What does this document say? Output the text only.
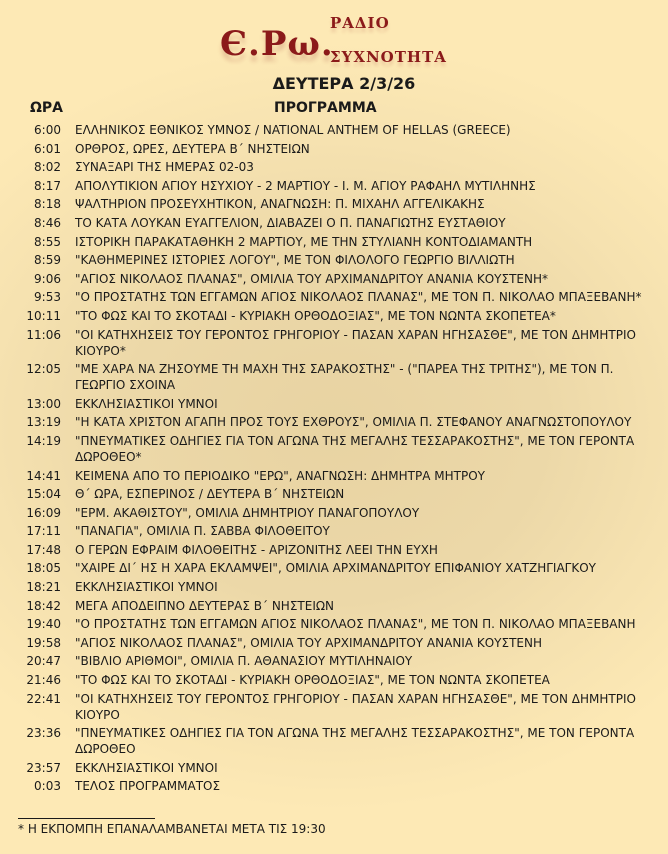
Є.Ρω.
ΡΑΔΙΟ
ΣΥΧΝΟΤΗΤΑ
ΔΕΥΤΕΡΑ 2/3/26
ΩΡΑ	ΠΡΟΓΡΑΜΜΑ
6:00 ΕΛΛΗΝΙΚΟΣ ΕΘΝΙΚΟΣ ΥΜΝΟΣ / NATIONAL ANTHEM OF HELLAS (GREECE)
6:01 ΟΡΘΡΟΣ, ΩΡΕΣ, ΔΕΥΤΕΡΑ Β΄ ΝΗΣΤΕΙΩΝ
8:02 ΣΥΝΑΞΑΡΙ ΤΗΣ ΗΜΕΡΑΣ 02-03
8:17 ΑΠΟΛΥΤΙΚΙΟΝ ΑΓΙΟΥ ΗΣΥΧΙΟΥ - 2 ΜΑΡΤΙΟΥ - Ι. Μ. ΑΓΙΟΥ ΡΑΦΑΗΛ ΜΥΤΙΛΗΝΗΣ
8:18 ΨΑΛΤΗΡΙΟΝ ΠΡΟΣΕΥΧΗΤΙΚΟΝ, ΑΝΑΓΝΩΣΗ: Π. ΜΙΧΑΗΛ ΑΓΓΕΛΙΚΑΚΗΣ
8:46 ΤΟ ΚΑΤΑ ΛΟΥΚΑΝ ΕΥΑΓΓΕΛΙΟΝ, ΔΙΑΒΑΖΕΙ Ο Π. ΠΑΝΑΓΙΩΤΗΣ ΕΥΣΤΑΘΙΟΥ
8:55 ΙΣΤΟΡΙΚΗ ΠΑΡΑΚΑΤΑΘΗΚΗ 2 ΜΑΡΤΙΟΥ, ΜΕ ΤΗΝ ΣΤΥΛΙΑΝΗ ΚΟΝΤΟΔΙΑΜΑΝΤΗ
8:59 "ΚΑΘΗΜΕΡΙΝΕΣ ΙΣΤΟΡΙΕΣ ΛΟΓΟΥ", ΜΕ ΤΟΝ ΦΙΛΟΛΟΓΟ ΓΕΩΡΓΙΟ ΒΙΛΛΙΩΤΗ
9:06 "ΑΓΙΟΣ ΝΙΚΟΛΑΟΣ ΠΛΑΝΑΣ", ΟΜΙΛΙΑ ΤΟΥ ΑΡΧΙΜΑΝΔΡΙΤΟΥ ΑΝΑΝΙΑ ΚΟΥΣΤΕΝΗ*
9:53 "Ο ΠΡΟΣΤΑΤΗΣ ΤΩΝ ΕΓΓΑΜΩΝ ΑΓΙΟΣ ΝΙΚΟΛΑΟΣ ΠΛΑΝΑΣ", ΜΕ ΤΟΝ Π. ΝΙΚΟΛΑΟ ΜΠΑΞΕΒΑΝΗ*
10:11 "ΤΟ ΦΩΣ ΚΑΙ ΤΟ ΣΚΟΤΑΔΙ - ΚΥΡΙΑΚΗ ΟΡΘΟΔΟΞΙΑΣ", ΜΕ ΤΟΝ ΝΩΝΤΑ ΣΚΟΠΕΤΕΑ*
11:06 "ΟΙ ΚΑΤΗΧΗΣΕΙΣ ΤΟΥ ΓΕΡΟΝΤΟΣ ΓΡΗΓΟΡΙΟΥ - ΠΑΣΑΝ ΧΑΡΑΝ ΗΓΗΣΑΣΘΕ", ΜΕ ΤΟΝ ΔΗΜΗΤΡΙΟ ΚΙΟΥΡΟ*
12:05 "ΜΕ ΧΑΡΑ ΝΑ ΖΗΣΟΥΜΕ ΤΗ ΜΑΧΗ ΤΗΣ ΣΑΡΑΚΟΣΤΗΣ" - ("ΠΑΡΕΑ ΤΗΣ ΤΡΙΤΗΣ"), ΜΕ ΤΟΝ Π. ΓΕΩΡΓΙΟ ΣΧΟΙΝΑ
13:00 ΕΚΚΛΗΣΙΑΣΤΙΚΟΙ ΥΜΝΟΙ
13:19 "Η ΚΑΤΑ ΧΡΙΣΤΟΝ ΑΓΑΠΗ ΠΡΟΣ ΤΟΥΣ ΕΧΘΡΟΥΣ", ΟΜΙΛΙΑ Π. ΣΤΕΦΑΝΟΥ ΑΝΑΓΝΩΣΤΟΠΟΥΛΟΥ
14:19 "ΠΝΕΥΜΑΤΙΚΕΣ ΟΔΗΓΙΕΣ ΓΙΑ ΤΟΝ ΑΓΩΝΑ ΤΗΣ ΜΕΓΑΛΗΣ ΤΕΣΣΑΡΑΚΟΣΤΗΣ", ΜΕ ΤΟΝ ΓΕΡΟΝΤΑ ΔΩΡΟΘΕΟ*
14:41 ΚΕΙΜΕΝΑ ΑΠΟ ΤΟ ΠΕΡΙΟΔΙΚΟ "ΕΡΩ", ΑΝΑΓΝΩΣΗ: ΔΗΜΗΤΡΑ ΜΗΤΡΟΥ
15:04 Θ΄ ΩΡΑ, ΕΣΠΕΡΙΝΟΣ / ΔΕΥΤΕΡΑ Β΄ ΝΗΣΤΕΙΩΝ
16:09 "ΕΡΜ. ΑΚΑΘΙΣΤΟΥ", ΟΜΙΛΙΑ ΔΗΜΗΤΡΙΟΥ ΠΑΝΑΓΟΠΟΥΛΟΥ
17:11 "ΠΑΝΑΓΙΑ", ΟΜΙΛΙΑ Π. ΣΑΒΒΑ ΦΙΛΟΘΕΙΤΟΥ
17:48 Ο ΓΕΡΩΝ ΕΦΡΑΙΜ ΦΙΛΟΘΕΙΤΗΣ - ΑΡΙΖΟΝΙΤΗΣ ΛΕΕΙ ΤΗΝ ΕΥΧΗ
18:05 "ΧΑΙΡΕ ΔΙ΄ ΗΣ Η ΧΑΡΑ ΕΚΛΑΜΨΕΙ", ΟΜΙΛΙΑ ΑΡΧΙΜΑΝΔΡΙΤΟΥ ΕΠΙΦΑΝΙΟΥ ΧΑΤΖΗΓΙΑΓΚΟΥ
18:21 ΕΚΚΛΗΣΙΑΣΤΙΚΟΙ ΥΜΝΟΙ
18:42 ΜΕΓΑ ΑΠΟΔΕΙΠΝΟ ΔΕΥΤΕΡΑΣ Β΄ ΝΗΣΤΕΙΩΝ
19:40 "Ο ΠΡΟΣΤΑΤΗΣ ΤΩΝ ΕΓΓΑΜΩΝ ΑΓΙΟΣ ΝΙΚΟΛΑΟΣ ΠΛΑΝΑΣ", ΜΕ ΤΟΝ Π. ΝΙΚΟΛΑΟ ΜΠΑΞΕΒΑΝΗ
19:58 "ΑΓΙΟΣ ΝΙΚΟΛΑΟΣ ΠΛΑΝΑΣ", ΟΜΙΛΙΑ ΤΟΥ ΑΡΧΙΜΑΝΔΡΙΤΟΥ ΑΝΑΝΙΑ ΚΟΥΣΤΕΝΗ
20:47 "ΒΙΒΛΙΟ ΑΡΙΘΜΟΙ", ΟΜΙΛΙΑ Π. ΑΘΑΝΑΣΙΟΥ ΜΥΤΙΛΗΝΑΙΟΥ
21:46 "ΤΟ ΦΩΣ ΚΑΙ ΤΟ ΣΚΟΤΑΔΙ - ΚΥΡΙΑΚΗ ΟΡΘΟΔΟΞΙΑΣ", ΜΕ ΤΟΝ ΝΩΝΤΑ ΣΚΟΠΕΤΕΑ
22:41 "ΟΙ ΚΑΤΗΧΗΣΕΙΣ ΤΟΥ ΓΕΡΟΝΤΟΣ ΓΡΗΓΟΡΙΟΥ - ΠΑΣΑΝ ΧΑΡΑΝ ΗΓΗΣΑΣΘΕ", ΜΕ ΤΟΝ ΔΗΜΗΤΡΙΟ ΚΙΟΥΡΟ
23:36 "ΠΝΕΥΜΑΤΙΚΕΣ ΟΔΗΓΙΕΣ ΓΙΑ ΤΟΝ ΑΓΩΝΑ ΤΗΣ ΜΕΓΑΛΗΣ ΤΕΣΣΑΡΑΚΟΣΤΗΣ", ΜΕ ΤΟΝ ΓΕΡΟΝΤΑ ΔΩΡΟΘΕΟ
23:57 ΕΚΚΛΗΣΙΑΣΤΙΚΟΙ ΥΜΝΟΙ
0:03 ΤΕΛΟΣ ΠΡΟΓΡΑΜΜΑΤΟΣ
* Η ΕΚΠΟΜΠΗ ΕΠΑΝΑΛΑΜΒΑΝΕΤΑΙ ΜΕΤΑ ΤΙΣ 19:30
